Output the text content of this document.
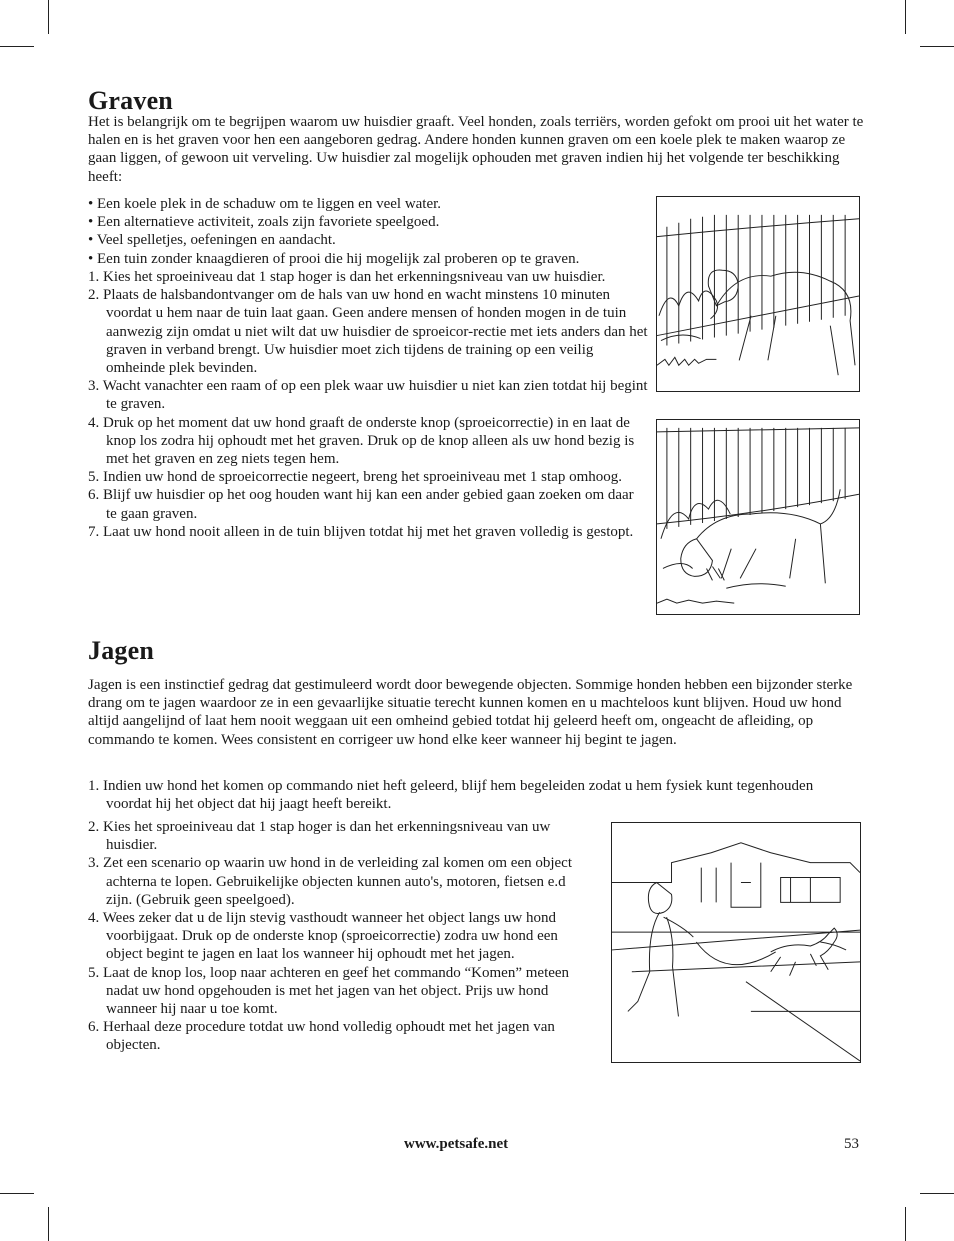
Graven
Het is belangrijk om te begrijpen waarom uw huisdier graaft. Veel honden, zoals terriërs, worden gefokt om prooi uit het water te halen en is het graven voor hen een aangeboren gedrag. Andere honden kunnen graven om een koele plek te maken waarop ze gaan liggen, of gewoon uit verveling. Uw huisdier zal mogelijk ophouden met graven indien hij het volgende ter beschikking heeft:
• Een koele plek in de schaduw om te liggen en veel water.
• Een alternatieve activiteit, zoals zijn favoriete speelgoed.
• Veel spelletjes, oefeningen en aandacht.
• Een tuin zonder knaagdieren of prooi die hij mogelijk zal proberen op te graven.
1. Kies het sproeiniveau dat 1 stap hoger is dan het erkenningsniveau van uw huisdier.
2. Plaats de halsbandontvanger om de hals van uw hond en wacht minstens 10 minuten voordat u hem naar de tuin laat gaan. Geen andere mensen of honden mogen in de tuin aanwezig zijn omdat u niet wilt dat uw huisdier de sproeicor-rectie met iets anders dan het graven in verband brengt. Uw huisdier moet zich tijdens de training op een veilig omheinde plek bevinden.
3. Wacht vanachter een raam of op een plek waar uw huisdier u niet kan zien totdat hij begint te graven.
4. Druk op het moment dat uw hond graaft de onderste knop (sproeicorrectie) in en laat de knop los zodra hij ophoudt met het graven. Druk op de knop alleen als uw hond bezig is met het graven en zeg niets tegen hem.
5. Indien uw hond de sproeicorrectie negeert, breng het sproeiniveau met 1 stap omhoog.
6. Blijf uw huisdier op het oog houden want hij kan een ander gebied gaan zoeken om daar te gaan graven.
7. Laat uw hond nooit alleen in de tuin blijven totdat hij met het graven volledig is gestopt.
Jagen
Jagen is een instinctief gedrag dat gestimuleerd wordt door bewegende objecten. Sommige honden hebben een bijzonder sterke drang om te jagen waardoor ze in een gevaarlijke situatie terecht kunnen komen en u machteloos kunt blijven. Houd uw hond altijd aangelijnd of laat hem nooit weggaan uit een omheind gebied totdat hij geleerd heeft om, ongeacht de afleiding, op commando te komen. Wees consistent en corrigeer uw hond elke keer wanneer hij begint te jagen.
1. Indien uw hond het komen op commando niet heft geleerd, blijf hem begeleiden zodat u hem fysiek kunt tegenhouden voordat hij het object dat hij jaagt heeft bereikt.
2. Kies het sproeiniveau dat 1 stap hoger is dan het erkenningsniveau van uw huisdier.
3. Zet een scenario op waarin uw hond in de verleiding zal komen om een object achterna te lopen. Gebruikelijke objecten kunnen auto's, motoren, fietsen e.d zijn. (Gebruik geen speelgoed).
4. Wees zeker dat u de lijn stevig vasthoudt wanneer het object langs uw hond voorbijgaat. Druk op de onderste knop (sproeicorrectie) zodra uw hond een object begint te jagen en laat los wanneer hij ophoudt met het jagen.
5. Laat de knop los, loop naar achteren en geef het commando “Komen” meteen nadat uw hond opgehouden is met het jagen van het object. Prijs uw hond wanneer hij naar u toe komt.
6. Herhaal deze procedure totdat uw hond volledig ophoudt met het jagen van objecten.
www.petsafe.net	53
